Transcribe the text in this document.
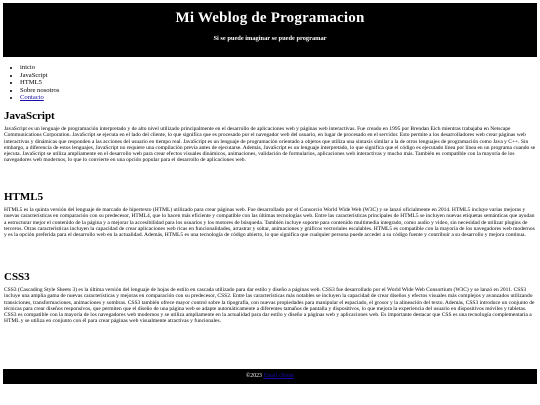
Mi Weblog de Programacion

Si se puede imaginar se puede programar

• inicio
• JavaScript
• HTML5
• Sobre nosotros
• Contacto
JavaScript

JavaScript es un lenguaje de programación interpretado y de alto nivel utilizado principalmente en el desarrollo de aplicaciones web y páginas web interactivas. Fue creado en 1995 por Brendan Eich mientras trabajaba en Netscape Communications Corporation. JavaScript se ejecuta en el lado del cliente, lo que significa que es procesado por el navegador web del usuario, en lugar de procesado en el servidor. Esto permite a los desarrolladores web crear páginas web interactivas y dinámicas que responden a las acciones del usuario en tiempo real. JavaScript es un lenguaje de programación orientado a objetos que utiliza una sintaxis similar a la de otros lenguajes de programación como Java y C++. Sin embargo, a diferencia de estos lenguajes, JavaScript no requiere una compilación previa antes de ejecutarse. Además, JavaScript es un lenguaje interpretado, lo que significa que el código es ejecutado línea por línea en un programa cuando se ejecuta. JavaScript se utiliza ampliamente en el desarrollo web para crear efectos visuales dinámicos, animaciones, validación de formularios, aplicaciones web interactivas y mucho más. También es compatible con la mayoría de los navegadores web modernos, lo que lo convierte en una opción popular para el desarrollo de aplicaciones web.

HTML5

HTML5 es la quinta versión del lenguaje de marcado de hipertexto (HTML) utilizado para crear páginas web. Fue desarrollado por el Consorcio World Wide Web (W3C) y se lanzó oficialmente en 2014. HTML5 incluye varias mejoras y nuevas características en comparación con su predecesor, HTML4, que lo hacen más eficiente y compatible con las últimas tecnologías web. Entre las características principales de HTML5 se incluyen nuevas etiquetas semánticas que ayudan a estructurar mejor el contenido de la página y a mejorar la accesibilidad para los usuarios y los motores de búsqueda. También incluye soporte para contenido multimedia integrado, como audio y video, sin necesidad de utilizar plugins de terceros. Otras características incluyen la capacidad de crear aplicaciones web ricas en funcionalidades, arrastrar y soltar, animaciones y gráficos vectoriales escalables. HTML5 es compatible con la mayoría de los navegadores web modernos y es la opción preferida para el desarrollo web en la actualidad. Además, HTML5 es una tecnología de código abierto, lo que significa que cualquier persona puede acceder a su código fuente y contribuir a su desarrollo y mejora continua.

CSS3

CSS3 (Cascading Style Sheets 3) es la última versión del lenguaje de hojas de estilo en cascada utilizado para dar estilo y diseño a páginas web. CSS3 fue desarrollado por el World Wide Web Consortium (W3C) y se lanzó en 2011. CSS3 incluye una amplia gama de nuevas características y mejoras en comparación con su predecesor, CSS2. Entre las características más notables se incluyen la capacidad de crear diseños y efectos visuales más complejos y avanzados utilizando transiciones, transformaciones, animaciones y sombras. CSS3 también ofrece mayor control sobre la tipografía, con nuevas propiedades para manipular el espaciado, el grosor y la alineación del texto. Además, CSS3 introduce un conjunto de técnicas para crear diseños responsivos, que permiten que el diseño de una página web se adapte automáticamente a diferentes tamaños de pantalla y dispositivos, lo que mejora la experiencia del usuario en dispositivos móviles y tabletas. CSS3 es compatible con la mayoría de los navegadores web modernos y se utiliza ampliamente en la actualidad para dar estilo y diseño a páginas web y aplicaciones web. Es importante destacar que CSS es una tecnología complementaria a HTML y se utiliza en conjunto con él para crear páginas web visualmente atractivas y funcionales.

©2023 Email cliente
